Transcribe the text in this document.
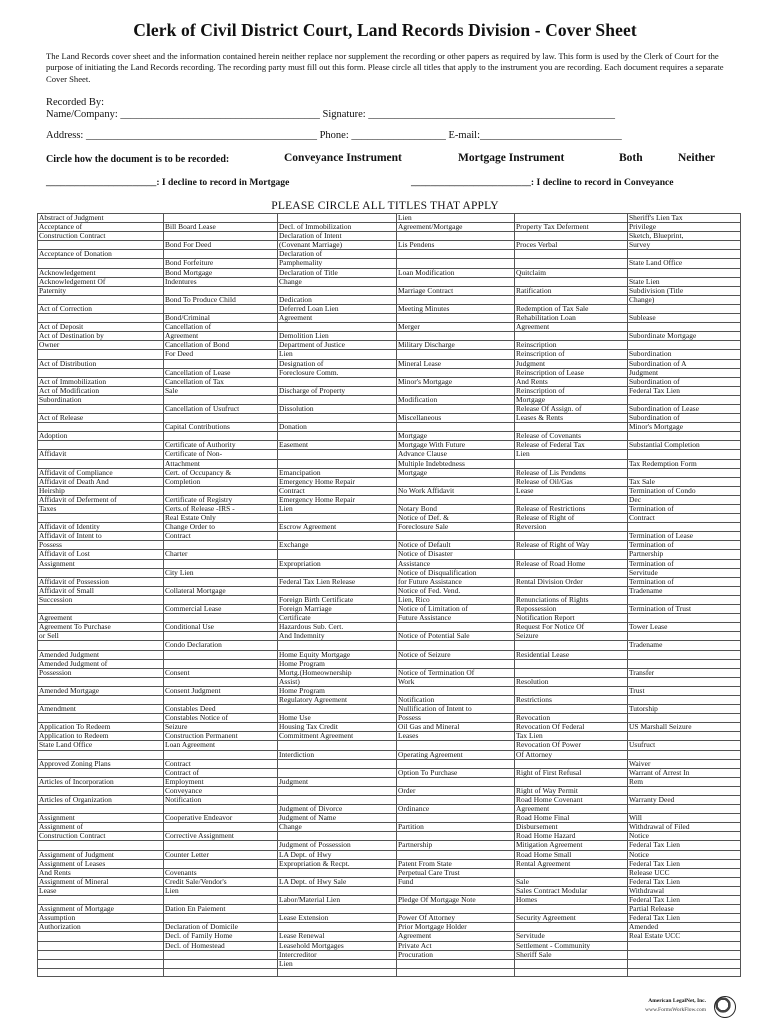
Clerk of Civil District Court, Land Records Division - Cover Sheet
The Land Records cover sheet and the information contained herein neither replace nor supplement the recording or other papers as required by law. This form is used by the Clerk of Court for the purpose of initiating the Land Records recording. The recording party must fill out this form. Please circle all titles that apply to the instrument you are recording. Each document requires a separate Cover Sheet.
Recorded By:
Name/Company: ______________________________________ Signature: _______________________________________________
Address: ____________________________________________ Phone: __________________ E-mail:___________________________
Circle how the document is to be recorded:	Conveyance Instrument	Mortgage Instrument	Both	Neither
_______________________: I decline to record in Mortgage	_________________________: I decline to record in Conveyance
PLEASE CIRCLE ALL TITLES THAT APPLY
Abstract of Judgment			Lien		Sheriff's Lien Tax
Acceptance of	Bill Board Lease	Decl. of Immobilization	Agreement/Mortgage	Property Tax Deferment	Privilege
Construction Contract		Declaration of Intent			Sketch, Blueprint,
	Bond For Deed	(Covenant Marriage)	Lis Pendens	Proces Verbal	Survey
Acceptance of Donation		Declaration of			
	Bond Forfeiture	Pamphemality			State Land Office
Acknowledgement	Bond Mortgage	Declaration of Title	Loan Modification	Quitclaim	
Acknowledgement Of	Indentures	Change			State Lien
Paternity			Marriage Contract	Ratification	Subdivision (Title
	Bond To Produce Child	Dedication			Change)
Act of Correction		Deferred Loan Lien	Meeting Minutes	Redemption of Tax Sale	
	Bond/Criminal	Agreement		Rehabilitation Loan	Sublease
Act of Deposit	Cancellation of		Merger	Agreement	
Act of Destination by	Agreement	Demolition Lien			Subordinate Mortgage
Owner	Cancellation of Bond	Department of Justice	Military Discharge	Reinscription	
	For Deed	Lien		Reinscription of	Subordination
Act of Distribution		Designation of	Mineral Lease	Judgment	Subordination of A
	Cancellation of Lease	Foreclosure Comm.		Reinscription of Lease	Judgment
Act of Immobilization	Cancellation of Tax		Minor's Mortgage	And Rents	Subordination of
Act of Modification	Sale	Discharge of Property		Reinscription of	Federal Tax Lien
Subordination			Modification	Mortgage	
	Cancellation of Usufruct	Dissolution		Release Of Assign. of	Subordination of Lease
Act of Release			Miscellaneous	Leases & Rents	Subordination of
	Capital Contributions	Donation			Minor's Mortgage
Adoption			Mortgage	Release of Covenants	
	Certificate of Authority	Easement	Mortgage With Future	Release of Federal Tax	Substantial Completion
Affidavit	Certificate of Non-		Advance Clause	Lien	
	Attachment		Multiple Indebtedness		Tax Redemption Form
Affidavit of Compliance	Cert. of Occupancy &	Emancipation	Mortgage	Release of Lis Pendens	
Affidavit of Death And	Completion	Emergency Home Repair		Release of Oil/Gas	Tax Sale
Heirship		Contract	No Work Affidavit	Lease	Termination of Condo
Affidavit of Deferment of	Certificate of Registry	Emergency Home Repair			Dec
Taxes	Certs.of Release -IRS -	Lien	Notary Bond	Release of Restrictions	Termination of
	Real Estate Only		Notice of Def. &	Release of Right of	Contract
Affidavit of Identity	Change Order to	Escrow Agreement	Foreclosure Sale	Reversion	
Affidavit of Intent to	Contract				Termination of Lease
Possess		Exchange	Notice of Default	Release of Right of Way	Termination of
Affidavit of Lost	Charter		Notice of Disaster		Partnership
Assignment		Expropriation	Assistance	Release of Road Home	Termination of
	City Lien		Notice of Disqualification		Servitude
Affidavit of Possession		Federal Tax Lien Release	for Future Assistance	Rental Division Order	Termination of
Affidavit of Small	Collateral Mortgage		Notice of Fed. Vend.		Tradename
Succession		Foreign Birth Certificate	Lien, Rico	Renunciations of Rights	
	Commercial Lease	Foreign Marriage	Notice of Limitation of	Repossession	Termination of Trust
Agreement		Certificate	Future Assistance	Notification Report	
Agreement To Purchase	Conditional Use	Hazardous Sub. Cert.		Request For Notice Of	Tower Lease
or Sell		And Indemnity	Notice of Potential Sale	Seizure	
	Condo Declaration				Tradename
Amended Judgment		Home Equity Mortgage	Notice of Seizure	Residential Lease	
Amended Judgment of		Home Program			
Possession	Consent	Mortg.(Homeownership	Notice of Termination Of		Transfer
		Assist)	Work	Resolution	
Amended Mortgage	Consent Judgment	Home Program			Trust
		Regulatory Agreement	Notification	Restrictions	
Amendment	Constables Deed		Nullification of Intent to		Tutorship
	Constables Notice of	Home Use	Possess	Revocation	
Application To Redeem	Seizure	Housing Tax Credit	Oil Gas and Mineral	Revocation Of Federal	US Marshall Seizure
Application to Redeem	Construction Permanent	Commitment Agreement	Leases	Tax Lien	
State Land Office	Loan Agreement			Revocation Of Power	Usufruct
		Interdiction	Operating Agreement	Of Attorney	
Approved Zoning Plans	Contract				Waiver
	Contract of		Option To Purchase	Right of First Refusal	Warrant of Arrest In
Articles of Incorporation	Employment	Judgment			Rem
	Conveyance		Order	Right of Way Permit	
Articles of Organization	Notification			Road Home Covenant	Warranty Deed
		Judgment of Divorce	Ordinance	Agreement	
Assignment	Cooperative Endeavor	Judgment of Name		Road Home Final	Will
Assignment of		Change	Partition	Disbursement	Withdrawal of Filed
Construction Contract	Corrective Assignment			Road Home Hazard	Notice
		Judgment of Possession	Partnership	Mitigation Agreement	Federal Tax Lien
Assignment of Judgment	Counter Letter	LA Dept. of Hwy		Road Home Small	Notice
Assignment of Leases		Expropriation & Recpt.	Patent From State	Rental Agreement	Federal Tax Lien
And Rents	Covenants		Perpetual Care Trust		Release UCC
Assignment of Mineral	Credit Sale/Vendor's	LA Dept. of Hwy Sale	Fund	Sale	Federal Tax Lien
Lease	Lien			Sales Contract Modular	Withdrawal
		Labor/Material Lien	Pledge Of Mortgage Note	Homes	Federal Tax Lien
Assignment of Mortgage	Dation En Paiement				Partial Release
Assumption		Lease Extension	Power Of Attorney	Security Agreement	Federal Tax Lien
Authorization	Declaration of Domicile		Prior Mortgage Holder		Amended
	Decl. of Family Home	Lease Renewal	Agreement	Servitude	Real Estate UCC
	Decl. of Homestead	Leasehold Mortgages	Private Act	Settlement - Community	
		Intercreditor	Procuration	Sheriff Sale	
		Lien			

American LegalNet, Inc.
www.FormsWorkFlow.com
